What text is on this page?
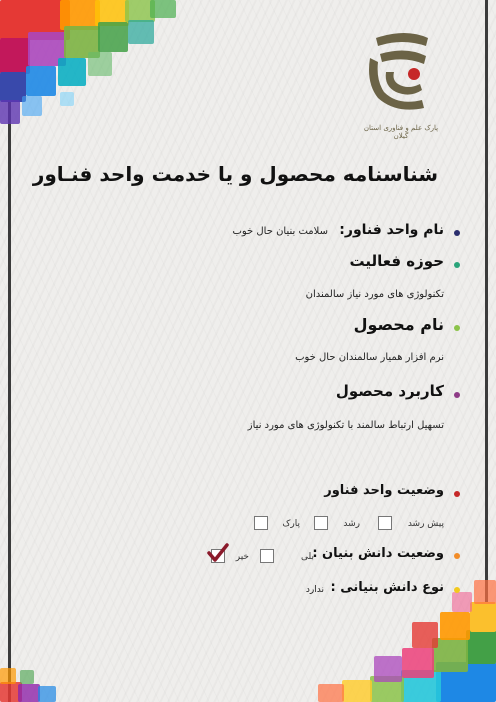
پارک علم و فناوری استان گیلان
شناسنامه محصول و یا خدمت واحد فنـاور
نام واحد فناور:
سلامت بنیان حال خوب
حوزه فعالیت
تکنولوژی های مورد نیاز سالمندان
نام محصول
نرم افزار همیار سالمندان حال خوب
کاربرد محصول
تسهیل ارتباط سالمند با تکنولوژی های مورد نیاز
وضعیت واحد فناور
پیش رشد
رشد
پارک
وضعیت دانش بنیان :
بلی
خیر
نوع دانش بنیانی :
ندارد
